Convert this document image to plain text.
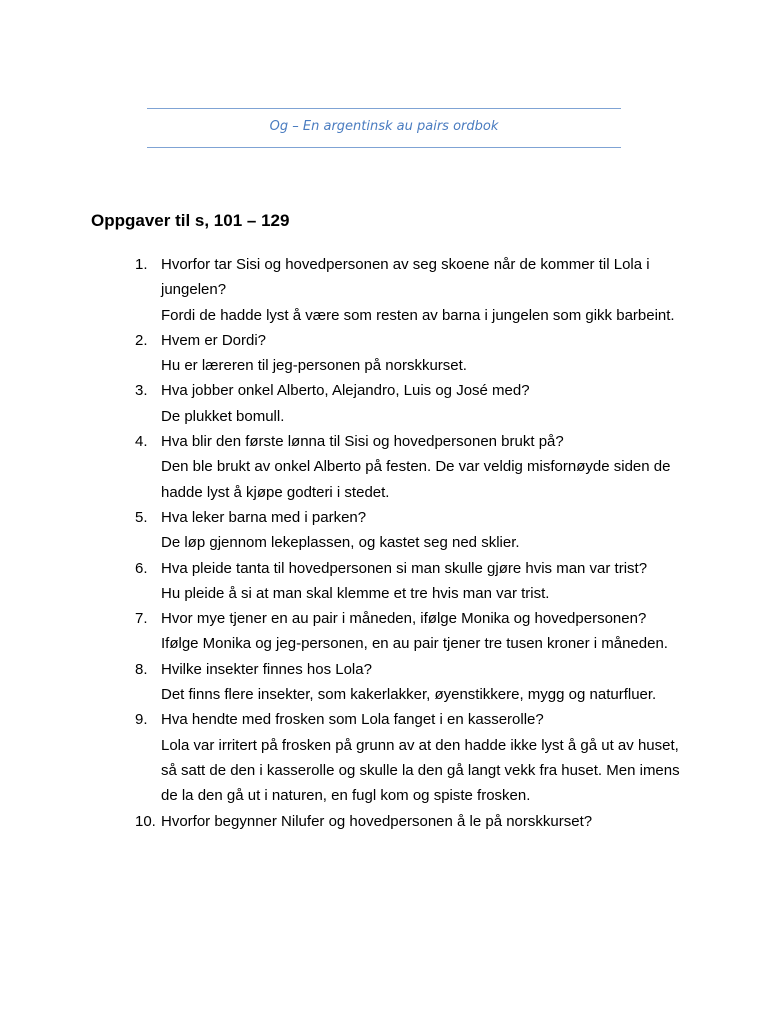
Og – En argentinsk au pairs ordbok
Oppgaver til s, 101 – 129
1. Hvorfor tar Sisi og hovedpersonen av seg skoene når de kommer til Lola i jungelen?

Fordi de hadde lyst å være som resten av barna i jungelen som gikk barbeint.

2. Hvem er Dordi?

Hu er læreren til jeg-personen på norskkurset.

3. Hva jobber onkel Alberto, Alejandro, Luis og José med?

De plukket bomull.

4. Hva blir den første lønna til Sisi og hovedpersonen brukt på?

Den ble brukt av onkel Alberto på festen. De var veldig misfornøyde siden de hadde lyst å kjøpe godteri i stedet.

5. Hva leker barna med i parken?

De løp gjennom lekeplassen, og kastet seg ned sklier.

6. Hva pleide tanta til hovedpersonen si man skulle gjøre hvis man var trist?

Hu pleide å si at man skal klemme et tre hvis man var trist.

7. Hvor mye tjener en au pair i måneden, ifølge Monika og hovedpersonen?

Ifølge Monika og jeg-personen, en au pair tjener tre tusen kroner i måneden.

8. Hvilke insekter finnes hos Lola?

Det finns flere insekter, som kakerlakker, øyenstikkere, mygg og naturfluer.

9. Hva hendte med frosken som Lola fanget i en kasserolle?

Lola var irritert på frosken på grunn av at den hadde ikke lyst å gå ut av huset, så satt de den i kasserolle og skulle la den gå langt vekk fra huset. Men imens de la den gå ut i naturen, en fugl kom og spiste frosken.

10. Hvorfor begynner Nilufer og hovedpersonen å le på norskkurset?
